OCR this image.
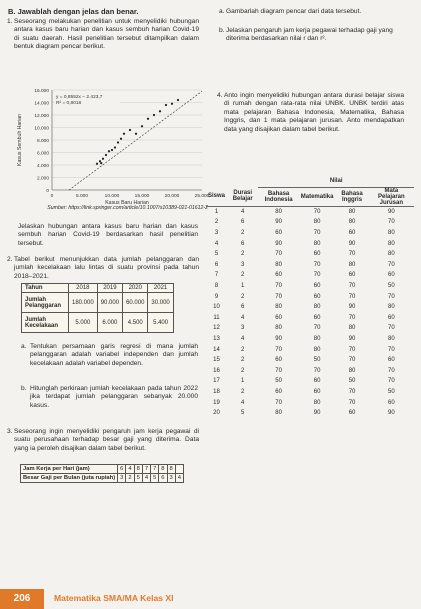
B. Jawablah dengan jelas dan benar.
1. Seseorang melakukan penelitian untuk menyelidiki hubungan antara kasus baru harian dan kasus sembuh harian Covid-19 di suatu daerah. Hasil penelitian tersebut ditampilkan dalam bentuk diagram pencar berikut.
0
2.000
4.000
6.000
8.000
10.000
12.000
14.000
16.000
0	5.000	10.000	15.000	20.000	25.000
y = 0,8552x − 2.423,7
R² = 0,8018
Kasus Baru Harian
Kasus Sembuh Harian
Sumber: https://link.springer.com/article/10.1007/s10389-021-01612-2
Jelaskan hubungan antara kasus baru harian dan kasus sembuh harian Covid-19 berdasarkan hasil penelitian tersebut.
2. Tabel berikut menunjukkan data jumlah pelanggaran dan jumlah kecelakaan lalu lintas di suatu provinsi pada tahun 2018–2021.
Tahun	2018	2019	2020	2021
Jumlah Pelanggaran	180.000	90.000	60.000	30.000
Jumlah Kecelakaan	5.000	6.000	4.500	5.400
a. Tentukan persamaan garis regresi di mana jumlah pelanggaran adalah variabel independen dan jumlah kecelakaan adalah variabel dependen.
b. Hitunglah perkiraan jumlah kecelakaan pada tahun 2022 jika terdapat jumlah pelanggaran sebanyak 20.000 kasus.
3. Seseorang ingin menyelidiki pengaruh jam kerja pegawai di suatu perusahaan terhadap besar gaji yang diterima. Data yang ia peroleh disajikan dalam tabel berikut.
Jam Kerja per Hari (jam)	6	4	8	7	7	8	8	
Besar Gaji per Bulan (juta rupiah)	3	2	5	4	5	6	3	4
a. Gambarlah diagram pencar dari data tersebut.
b. Jelaskan pengaruh jam kerja pegawai terhadap gaji yang diterima berdasarkan nilai r dan r².
4. Anto ingin menyelidiki hubungan antara durasi belajar siswa di rumah dengan rata-rata nilai UNBK. UNBK terdiri atas mata pelajaran Bahasa Indonesia, Matematika, Bahasa Inggris, dan 1 mata pelajaran jurusan. Anto mendapatkan data yang disajikan dalam tabel berikut.
		Nilai			
Siswa	Durasi Belajar	Bahasa Indonesia	Matematika	Bahasa Inggris	Mata Pelajaran Jurusan
1	4	80	70	80	90
2	6	90	80	80	70
3	2	60	70	60	80
4	6	90	80	90	80
5	2	70	60	70	80
6	3	80	70	80	70
7	2	60	70	60	60
8	1	70	60	70	50
9	2	70	60	70	70
10	6	80	80	90	80
11	4	60	60	70	60
12	3	80	70	80	70
13	4	90	80	90	80
14	2	70	80	70	70
15	2	60	50	70	60
16	2	70	70	80	70
17	1	50	60	50	70
18	2	60	60	70	50
19	4	70	80	70	60
20	5	80	90	60	90
206	Matematika SMA/MA Kelas XI
